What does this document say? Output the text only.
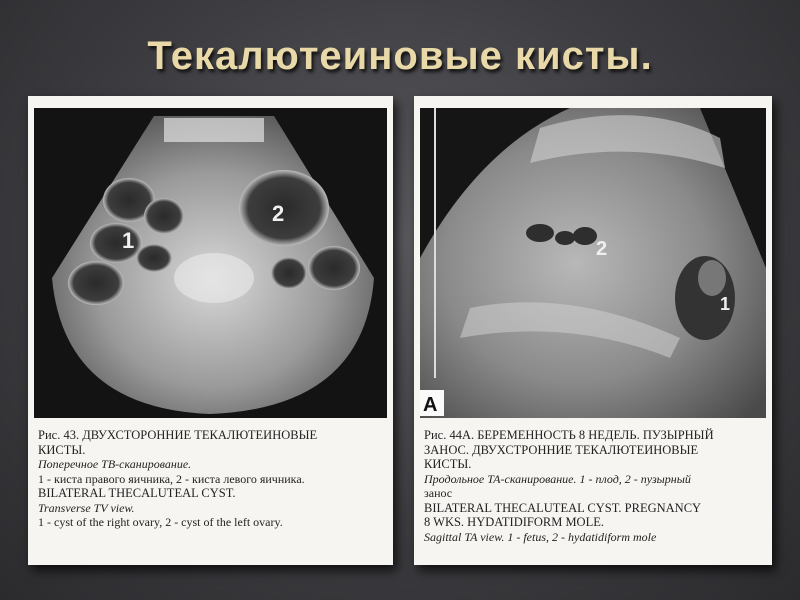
Текалютеиновые кисты.
1
2
Рис. 43. ДВУХСТОРОННИЕ ТЕКАЛЮТЕИНОВЫЕ
КИСТЫ.
Поперечное ТВ-сканирование.
1 - киста правого яичника, 2 - киста левого яичника.
BILATERAL THECALUTEAL CYST.
Transverse TV view.
1 - cyst of the right ovary, 2 - cyst of the left ovary.
2
1
A
Рис. 44А. БЕРЕМЕННОСТЬ 8 НЕДЕЛЬ. ПУЗЫРНЫЙ
ЗАНОС. ДВУХСТРОННИЕ ТЕКАЛЮТЕИНОВЫЕ
КИСТЫ.
Продольное ТА-сканирование. 1 - плод, 2 - пузырный
занос
BILATERAL THECALUTEAL CYST. PREGNANCY
8 WKS. HYDATIDIFORM MOLE.
Sagittal TA view. 1 - fetus, 2 - hydatidiform mole
